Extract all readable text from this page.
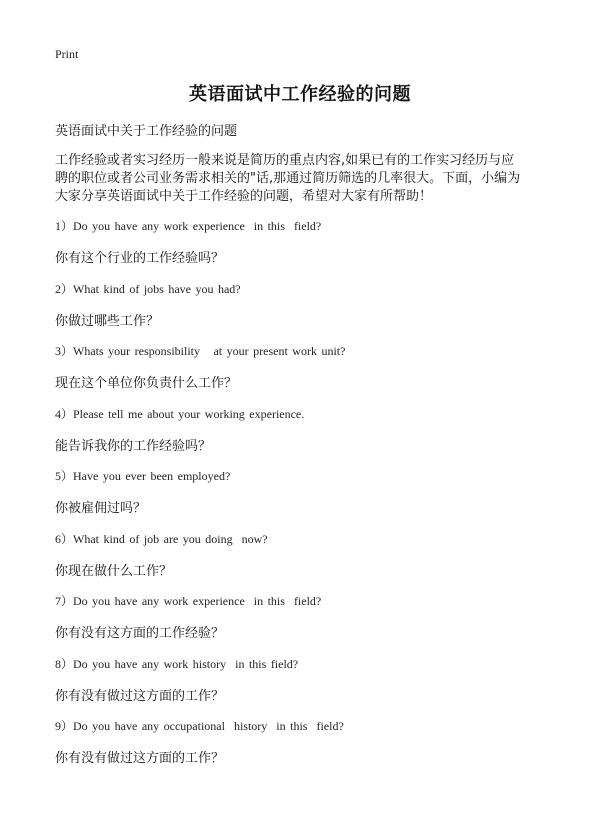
Print
英语面试中工作经验的问题
英语面试中关于工作经验的问题

工作经验或者实习经历一般来说是简历的重点内容,如果已有的工作实习经历与应
聘的职位或者公司业务需求相关的"话,那通过简历筛选的几率很大。下面，小编为
大家分享英语面试中关于工作经验的问题，希望对大家有所帮助！

1）Do you have any work experience  in this  field?
你有这个行业的工作经验吗？
2）What kind of jobs have you had?
你做过哪些工作？
3）Whats your responsibility   at your present work unit?
现在这个单位你负责什么工作？
4）Please tell me about your working experience.
能告诉我你的工作经验吗？
5）Have you ever been employed?
你被雇佣过吗？
6）What kind of job are you doing  now?
你现在做什么工作？
7）Do you have any work experience  in this  field?
你有没有这方面的工作经验？
8）Do you have any work history  in this field?
你有没有做过这方面的工作？
9）Do you have any occupational  history  in this  field?
你有没有做过这方面的工作？
